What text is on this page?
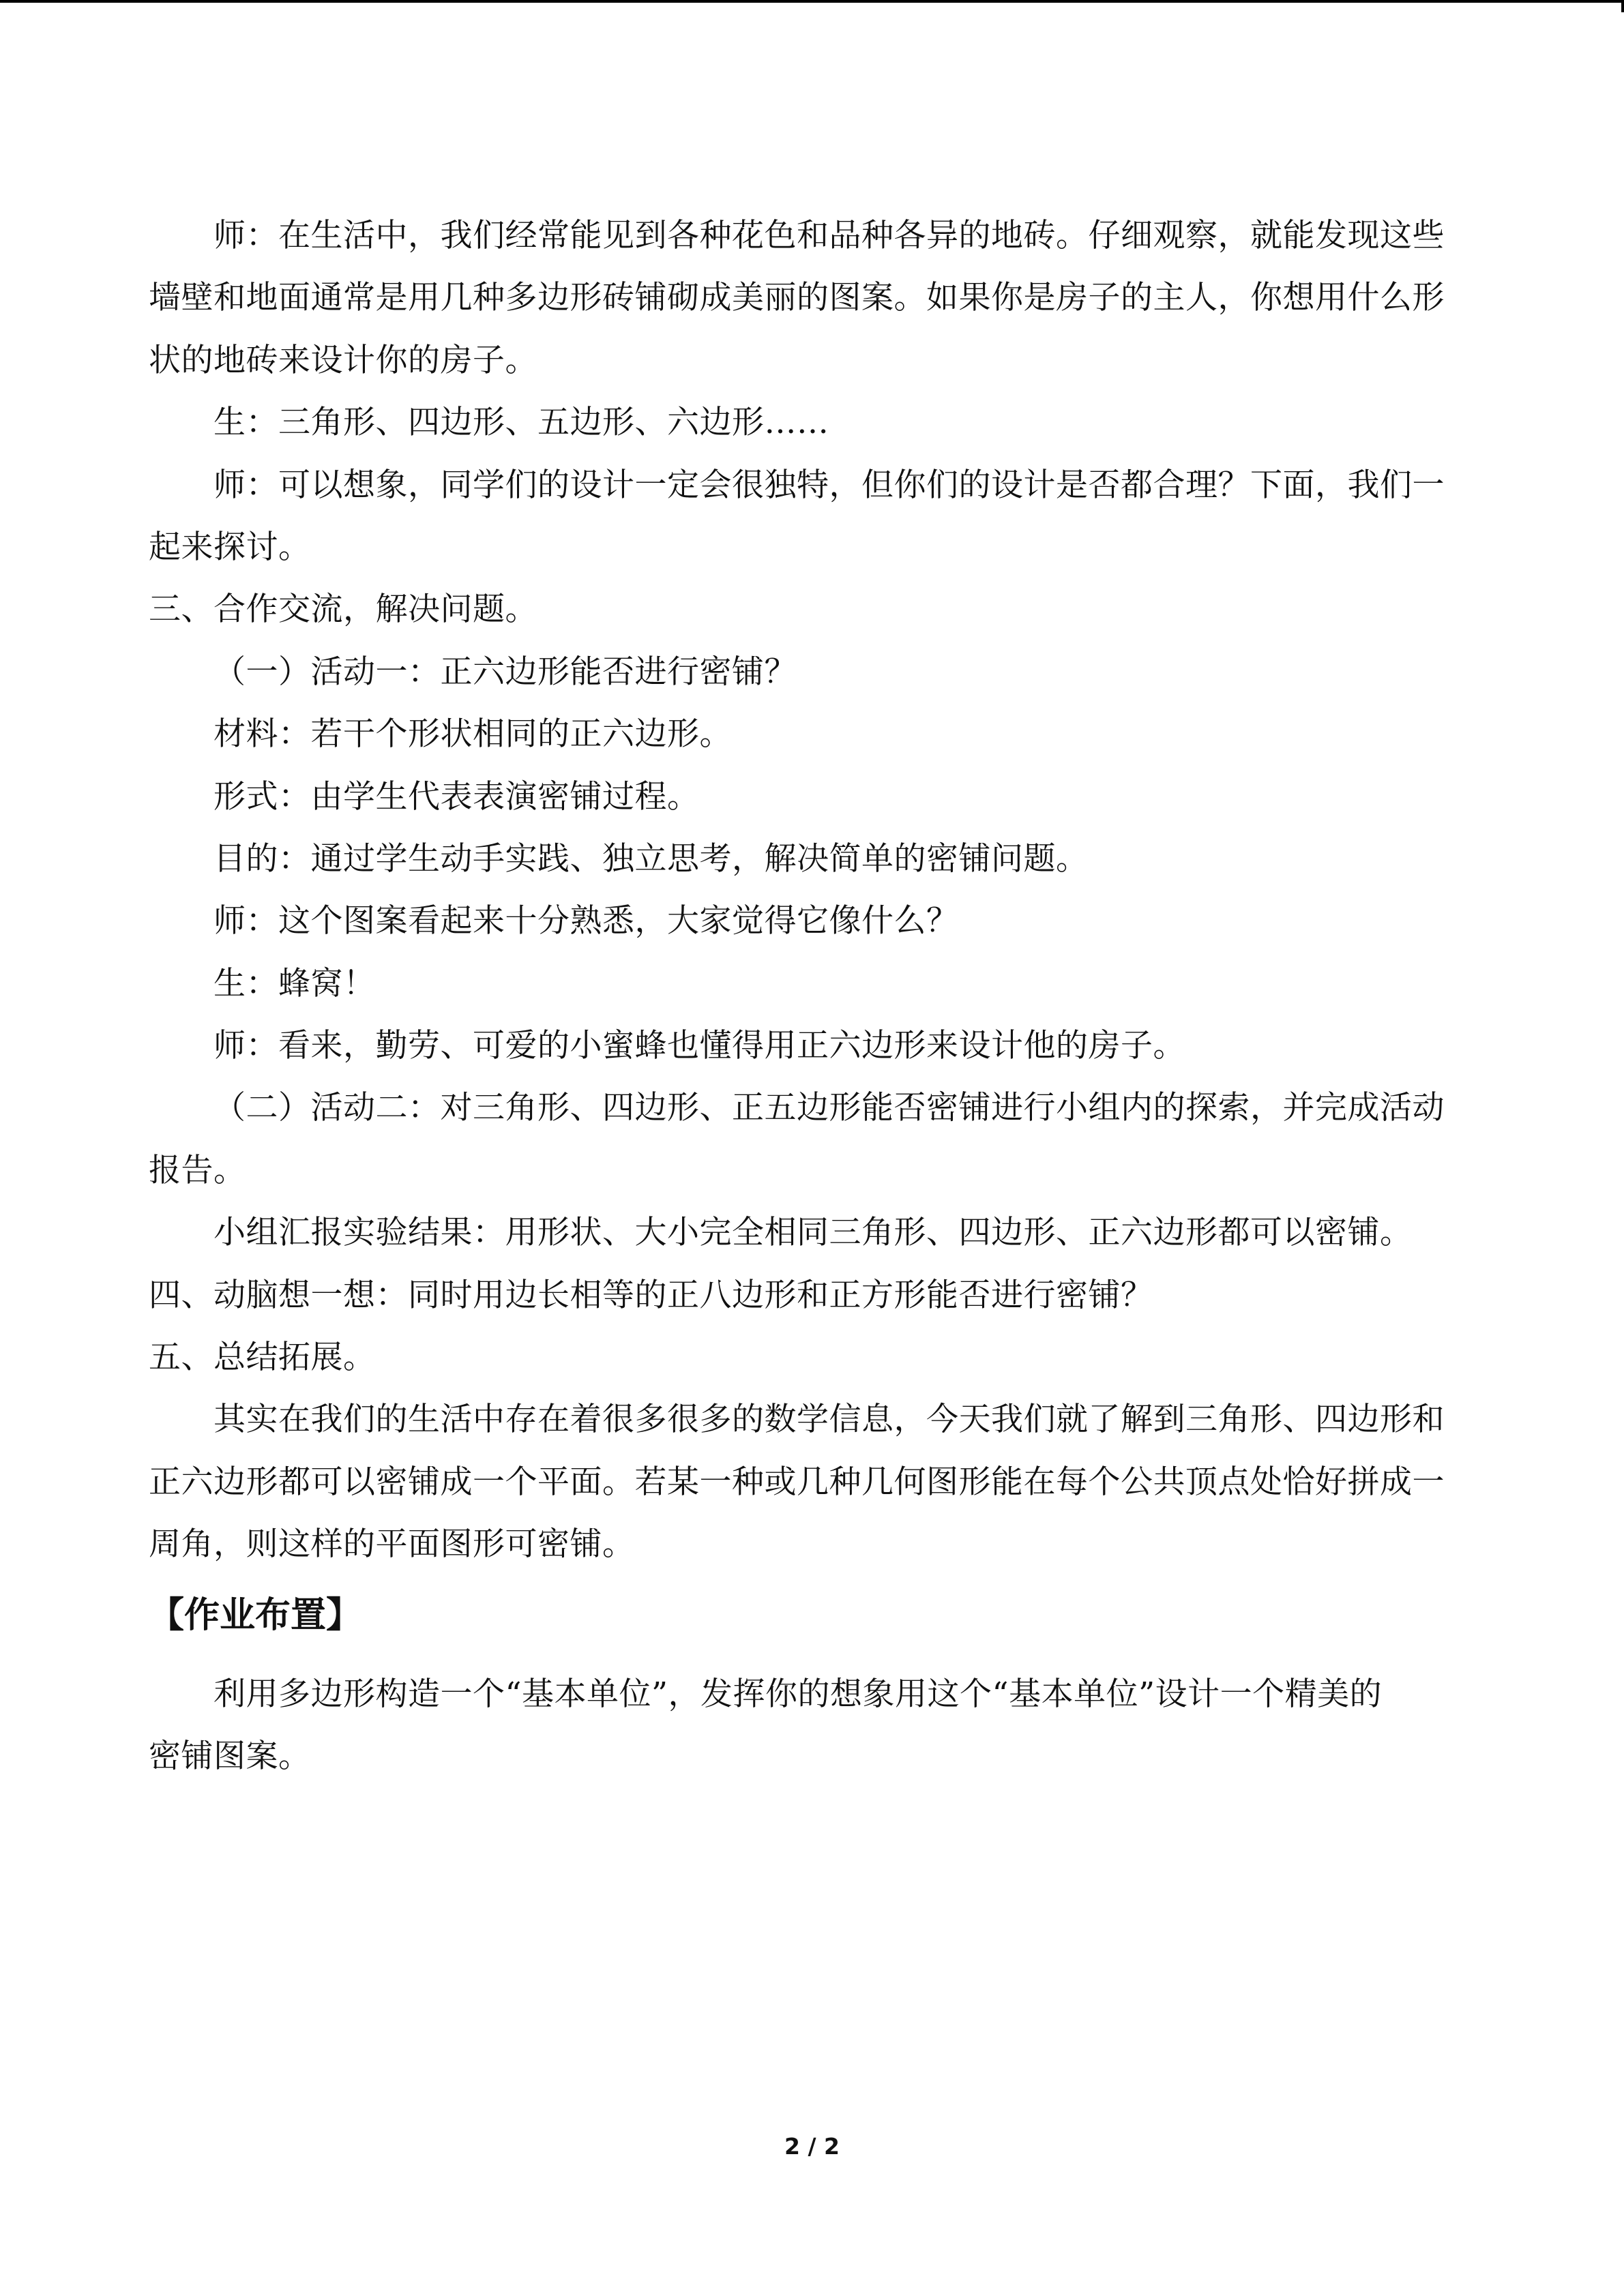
师：在生活中，我们经常能见到各种花色和品种各异的地砖。仔细观察，就能发现这些
墙壁和地面通常是用几种多边形砖铺砌成美丽的图案。如果你是房子的主人，你想用什么形
状的地砖来设计你的房子。
生：三角形、四边形、五边形、六边形……
师：可以想象，同学们的设计一定会很独特，但你们的设计是否都合理？下面，我们一
起来探讨。
三、合作交流，解决问题。
（一）活动一：正六边形能否进行密铺？
材料：若干个形状相同的正六边形。
形式：由学生代表表演密铺过程。
目的：通过学生动手实践、独立思考，解决简单的密铺问题。
师：这个图案看起来十分熟悉，大家觉得它像什么？
生：蜂窝！
师：看来，勤劳、可爱的小蜜蜂也懂得用正六边形来设计他的房子。
（二）活动二：对三角形、四边形、正五边形能否密铺进行小组内的探索，并完成活动
报告。
小组汇报实验结果：用形状、大小完全相同三角形、四边形、正六边形都可以密铺。
四、动脑想一想：同时用边长相等的正八边形和正方形能否进行密铺？
五、总结拓展。
其实在我们的生活中存在着很多很多的数学信息，今天我们就了解到三角形、四边形和
正六边形都可以密铺成一个平面。若某一种或几种几何图形能在每个公共顶点处恰好拼成一
周角，则这样的平面图形可密铺。
【作业布置】
利用多边形构造一个“基本单位”，发挥你的想象用这个“基本单位”设计一个精美的
密铺图案。
2 / 2
